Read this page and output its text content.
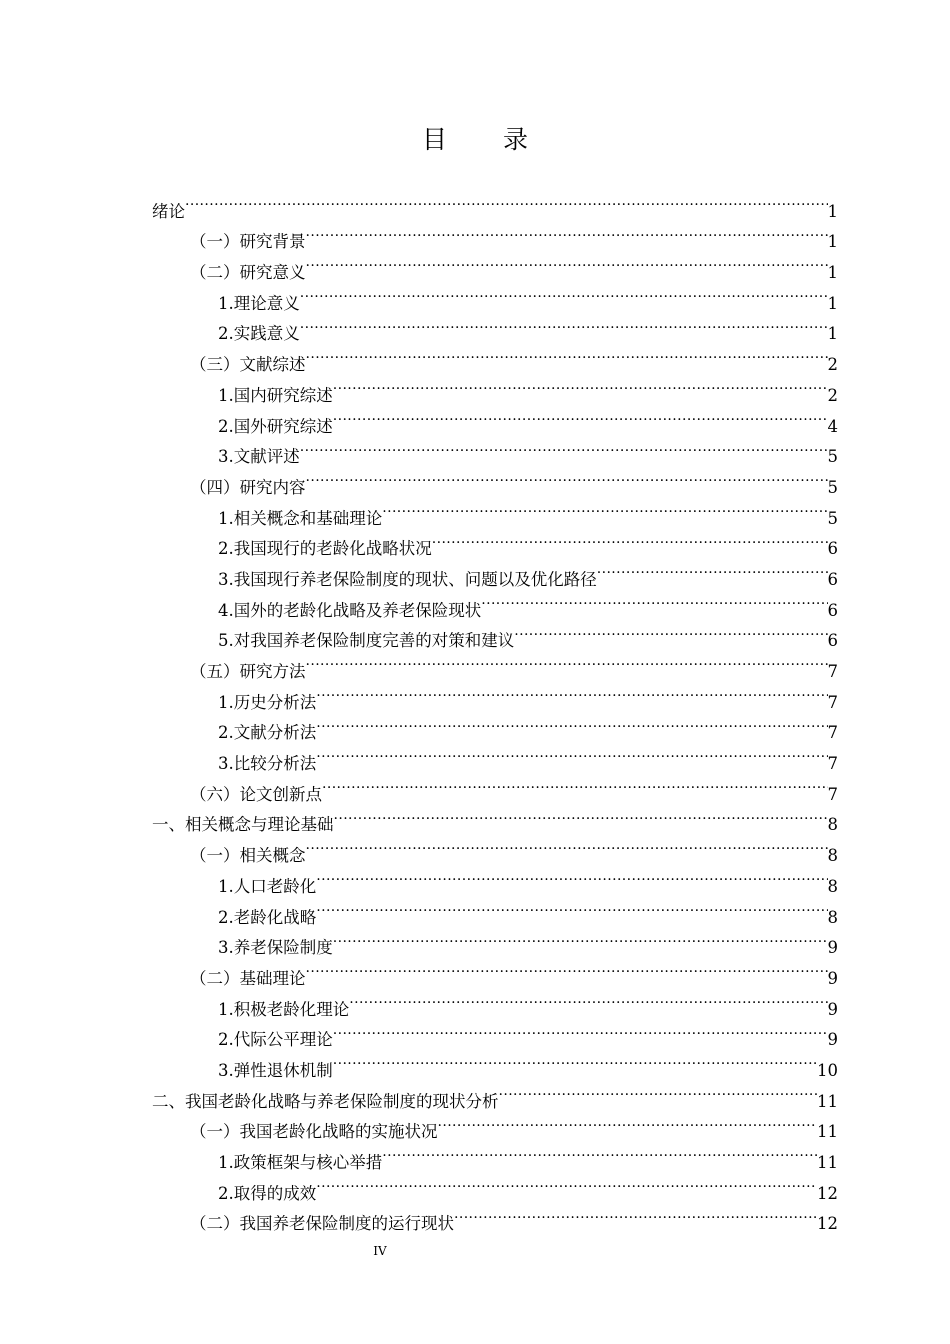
目 录
绪论 .....	1
（一）研究背景 .....	1
（二）研究意义 .....	1
1.理论意义 .....	1
2.实践意义 .....	1
（三）文献综述 .....	2
1.国内研究综述 .....	2
2.国外研究综述 .....	4
3.文献评述 .....	5
（四）研究内容 .....	5
1.相关概念和基础理论 .....	5
2.我国现行的老龄化战略状况 .....	6
3.我国现行养老保险制度的现状、问题以及优化路径 .....	6
4.国外的老龄化战略及养老保险现状 .....	6
5.对我国养老保险制度完善的对策和建议 .....	6
（五）研究方法 .....	7
1.历史分析法 .....	7
2.文献分析法 .....	7
3.比较分析法 .....	7
（六）论文创新点 .....	7
一、相关概念与理论基础 .....	8
（一）相关概念 .....	8
1.人口老龄化 .....	8
2.老龄化战略 .....	8
3.养老保险制度 .....	9
（二）基础理论 .....	9
1.积极老龄化理论 .....	9
2.代际公平理论 .....	9
3.弹性退休机制 .....	10
二、我国老龄化战略与养老保险制度的现状分析 .....	11
（一）我国老龄化战略的实施状况 .....	11
1.政策框架与核心举措 .....	11
2.取得的成效 .....	12
（二）我国养老保险制度的运行现状 .....	12
IV
